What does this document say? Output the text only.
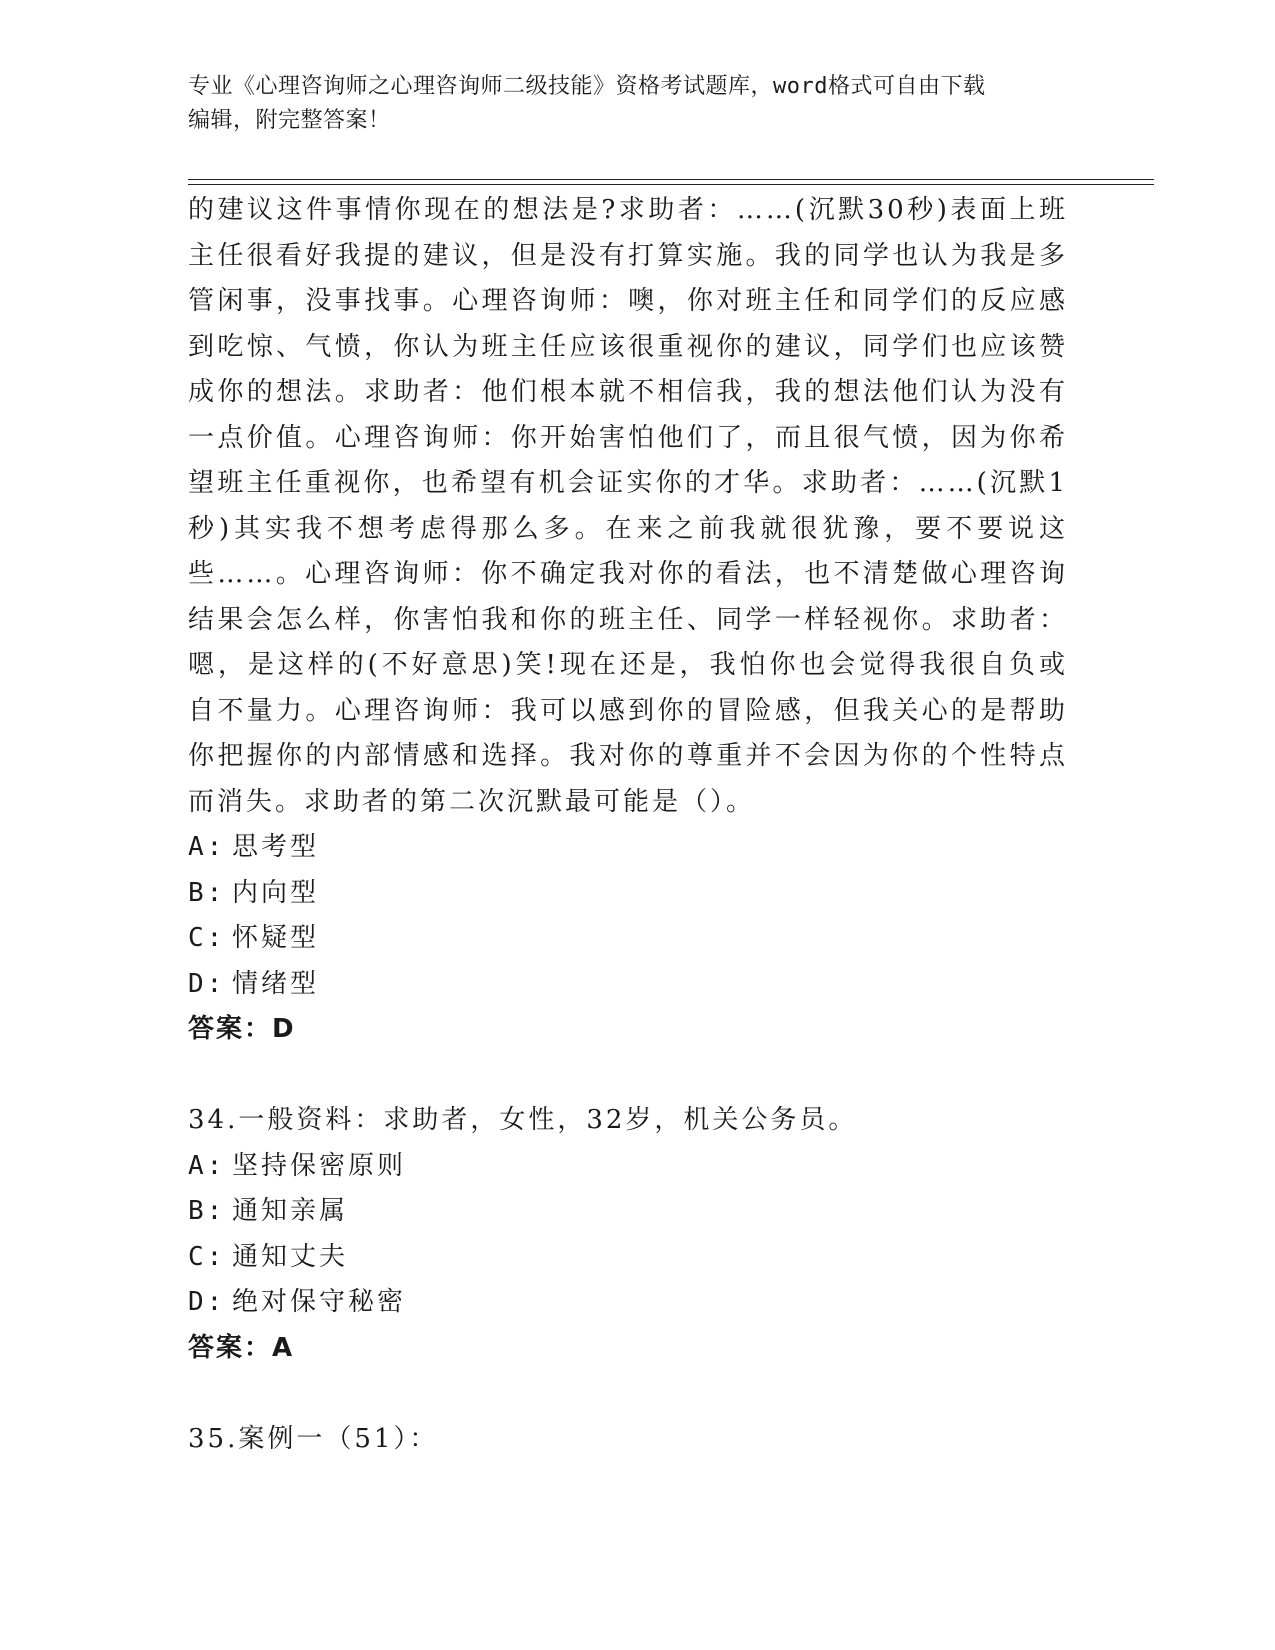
专业《心理咨询师之心理咨询师二级技能》资格考试题库，word格式可自由下载
编辑，附完整答案！

的建议这件事情你现在的想法是?求助者：……(沉默30秒)表面上班主任很看好我提的建议，但是没有打算实施。我的同学也认为我是多管闲事，没事找事。心理咨询师：噢，你对班主任和同学们的反应感到吃惊、气愤，你认为班主任应该很重视你的建议，同学们也应该赞成你的想法。求助者：他们根本就不相信我，我的想法他们认为没有一点价值。心理咨询师：你开始害怕他们了，而且很气愤，因为你希望班主任重视你，也希望有机会证实你的才华。求助者：……(沉默1秒)其实我不想考虑得那么多。在来之前我就很犹豫，要不要说这些……。心理咨询师：你不确定我对你的看法，也不清楚做心理咨询结果会怎么样，你害怕我和你的班主任、同学一样轻视你。求助者：嗯，是这样的(不好意思)笑!现在还是，我怕你也会觉得我很自负或自不量力。心理咨询师：我可以感到你的冒险感，但我关心的是帮助你把握你的内部情感和选择。我对你的尊重并不会因为你的个性特点而消失。求助者的第二次沉默最可能是（）。

A: 思考型

B: 内向型

C: 怀疑型

D: 情绪型

答案：D

34.一般资料：求助者，女性，32岁，机关公务员。

A: 坚持保密原则

B: 通知亲属

C: 通知丈夫

D: 绝对保守秘密

答案：A

35.案例一（51）：
